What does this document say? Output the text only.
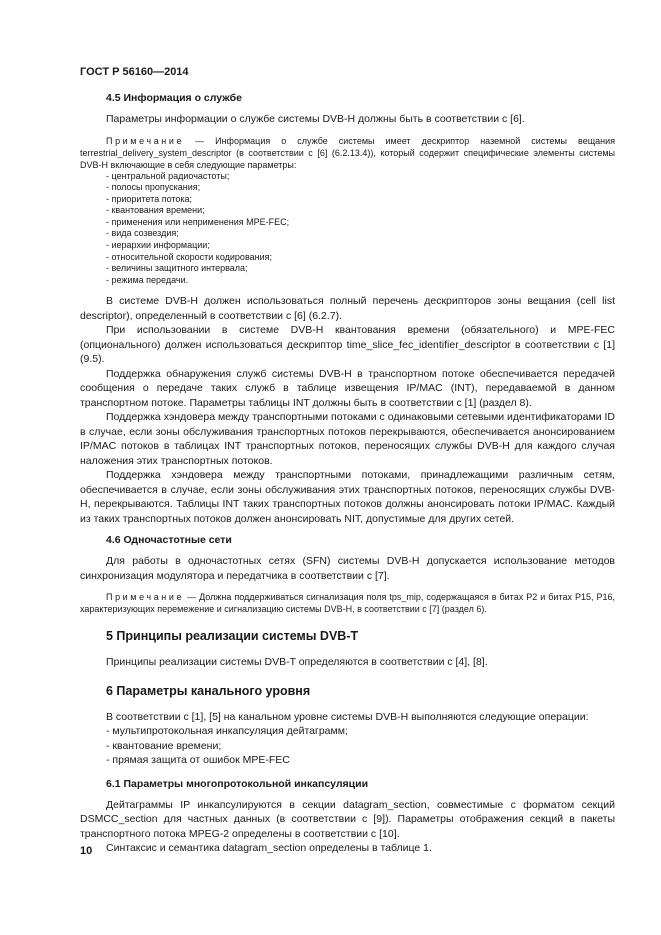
ГОСТ Р 56160—2014
4.5 Информация о службе

Параметры информации о службе системы DVB-H должны быть в соответствии с [6].

Примечание — Информация о службе системы имеет дескриптор наземной системы вещания terrestrial_delivery_system_descriptor (в соответствии с [6] (6.2.13.4)), который содержит специфические элементы системы DVB-H включающие в себя следующие параметры:

- центральной радиочастоты;
- полосы пропускания;
- приоритета потока;
- квантования времени;
- применения или неприменения MPE-FEC;
- вида созвездия;
- иерархии информации;
- относительной скорости кодирования;
- величины защитного интервала;
- режима передачи.

В системе DVB-H должен использоваться полный перечень дескрипторов зоны вещания (cell list descriptor), определенный в соответствии с [6] (6.2.7).

При использовании в системе DVB-H квантования времени (обязательного) и MPE-FEC (опционального) должен использоваться дескриптор time_slice_fec_identifier_descriptor в соответствии с [1] (9.5).

Поддержка обнаружения служб системы DVB-H в транспортном потоке обеспечивается передачей сообщения о передаче таких служб в таблице извещения IP/MAC (INT), передаваемой в данном транспортном потоке. Параметры таблицы INT должны быть в соответствии с [1] (раздел 8).

Поддержка хэндовера между транспортными потоками с одинаковыми сетевыми идентификаторами ID в случае, если зоны обслуживания транспортных потоков перекрываются, обеспечивается анонсированием IP/MAC потоков в таблицах INT транспортных потоков, переносящих службы DVB-H для каждого случая наложения этих транспортных потоков.

Поддержка хэндовера между транспортными потоками, принадлежащими различным сетям, обеспечивается в случае, если зоны обслуживания этих транспортных потоков, переносящих службы DVB-H, перекрываются. Таблицы INT таких транспортных потоков должны анонсировать потоки IP/MAC. Каждый из таких транспортных потоков должен анонсировать NIT, допустимые для других сетей.

4.6 Одночастотные сети

Для работы в одночастотных сетях (SFN) системы DVB-H допускается использование методов синхронизация модулятора и передатчика в соответствии с [7].

Примечание — Должна поддерживаться сигнализация поля tps_mip, содержащаяся в битах P2 и битах P15, P16, характеризующих перемежение и сигнализацию системы DVB-H, в соответствии с [7] (раздел 6).

5 Принципы реализации системы DVB-T

Принципы реализации системы DVB-T определяются в соответствии с [4], [8].

6 Параметры канального уровня

В соответствии с [1], [5] на канальном уровне системы DVB-H выполняются следующие операции:

- мультипротокольная инкапсуляция дейтаграмм;
- квантование времени;
- прямая защита от ошибок MPE-FEC
6.1 Параметры многопротокольной инкапсуляции

Дейтаграммы IP инкапсулируются в секции datagram_section, совместимые с форматом секций DSMCC_section для частных данных (в соответствии с [9]). Параметры отображения секций в пакеты транспортного потока MPEG-2 определены в соответствии с [10].

Синтаксис и семантика datagram_section определены в таблице 1.

10
